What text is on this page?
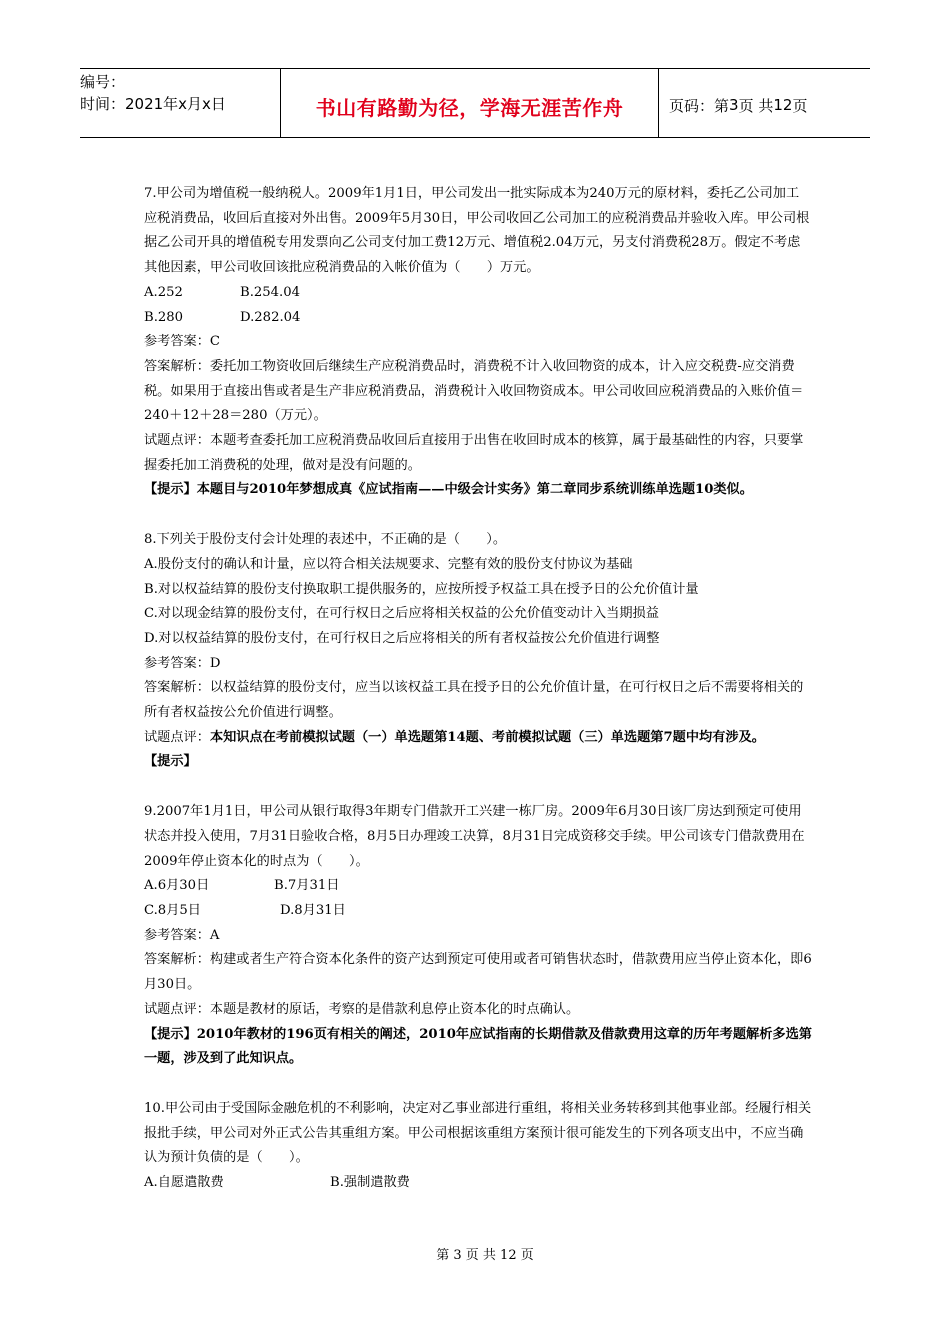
编号：
时间：2021年x月x日	书山有路勤为径，学海无涯苦作舟	页码：第 3 页 共 12 页

7.甲公司为增值税一般纳税人。2009年1月1日，甲公司发出一批实际成本为240万元的原材料，委托乙公司加工应税消费品，收回后直接对外出售。2009年5月30日，甲公司收回乙公司加工的应税消费品并验收入库。甲公司根据乙公司开具的增值税专用发票向乙公司支付加工费12万元、增值税2.04万元，另支付消费税28万。假定不考虑其他因素，甲公司收回该批应税消费品的入帐价值为（　　）万元。

A.252	B.254.04

B.280	D.282.04

参考答案：C

答案解析：委托加工物资收回后继续生产应税消费品时，消费税不计入收回物资的成本，计入应交税费-应交消费税。如果用于直接出售或者是生产非应税消费品，消费税计入收回物资成本。甲公司收回应税消费品的入账价值＝240＋12＋28＝280（万元）。

试题点评：本题考查委托加工应税消费品收回后直接用于出售在收回时成本的核算，属于最基础性的内容，只要掌握委托加工消费税的处理，做对是没有问题的。

【提示】本题目与2010年梦想成真《应试指南——中级会计实务》第二章同步系统训练单选题10类似。

8.下列关于股份支付会计处理的表述中，不正确的是（　　）。

A.股份支付的确认和计量，应以符合相关法规要求、完整有效的股份支付协议为基础

B.对以权益结算的股份支付换取职工提供服务的，应按所授予权益工具在授予日的公允价值计量

C.对以现金结算的股份支付，在可行权日之后应将相关权益的公允价值变动计入当期损益

D.对以权益结算的股份支付，在可行权日之后应将相关的所有者权益按公允价值进行调整

参考答案：D

答案解析：以权益结算的股份支付，应当以该权益工具在授予日的公允价值计量，在可行权日之后不需要将相关的所有者权益按公允价值进行调整。

试题点评：本知识点在考前模拟试题（一）单选题第14题、考前模拟试题（三）单选题第7题中均有涉及。

【提示】

9.2007年1月1日，甲公司从银行取得3年期专门借款开工兴建一栋厂房。2009年6月30日该厂房达到预定可使用状态并投入使用，7月31日验收合格，8月5日办理竣工决算，8月31日完成资移交手续。甲公司该专门借款费用在2009年停止资本化的时点为（　　）。

A.6月30日	B.7月31日

C.8月5日	D.8月31日

参考答案：A

答案解析：构建或者生产符合资本化条件的资产达到预定可使用或者可销售状态时，借款费用应当停止资本化，即6月30日。

试题点评：本题是教材的原话，考察的是借款利息停止资本化的时点确认。

【提示】2010年教材的196页有相关的阐述，2010年应试指南的长期借款及借款费用这章的历年考题解析多选第一题，涉及到了此知识点。

10.甲公司由于受国际金融危机的不利影响，决定对乙事业部进行重组，将相关业务转移到其他事业部。经履行相关报批手续，甲公司对外正式公告其重组方案。甲公司根据该重组方案预计很可能发生的下列各项支出中，不应当确认为预计负债的是（　　）。

A.自愿遣散费	B.强制遣散费

第 3 页 共 12 页
